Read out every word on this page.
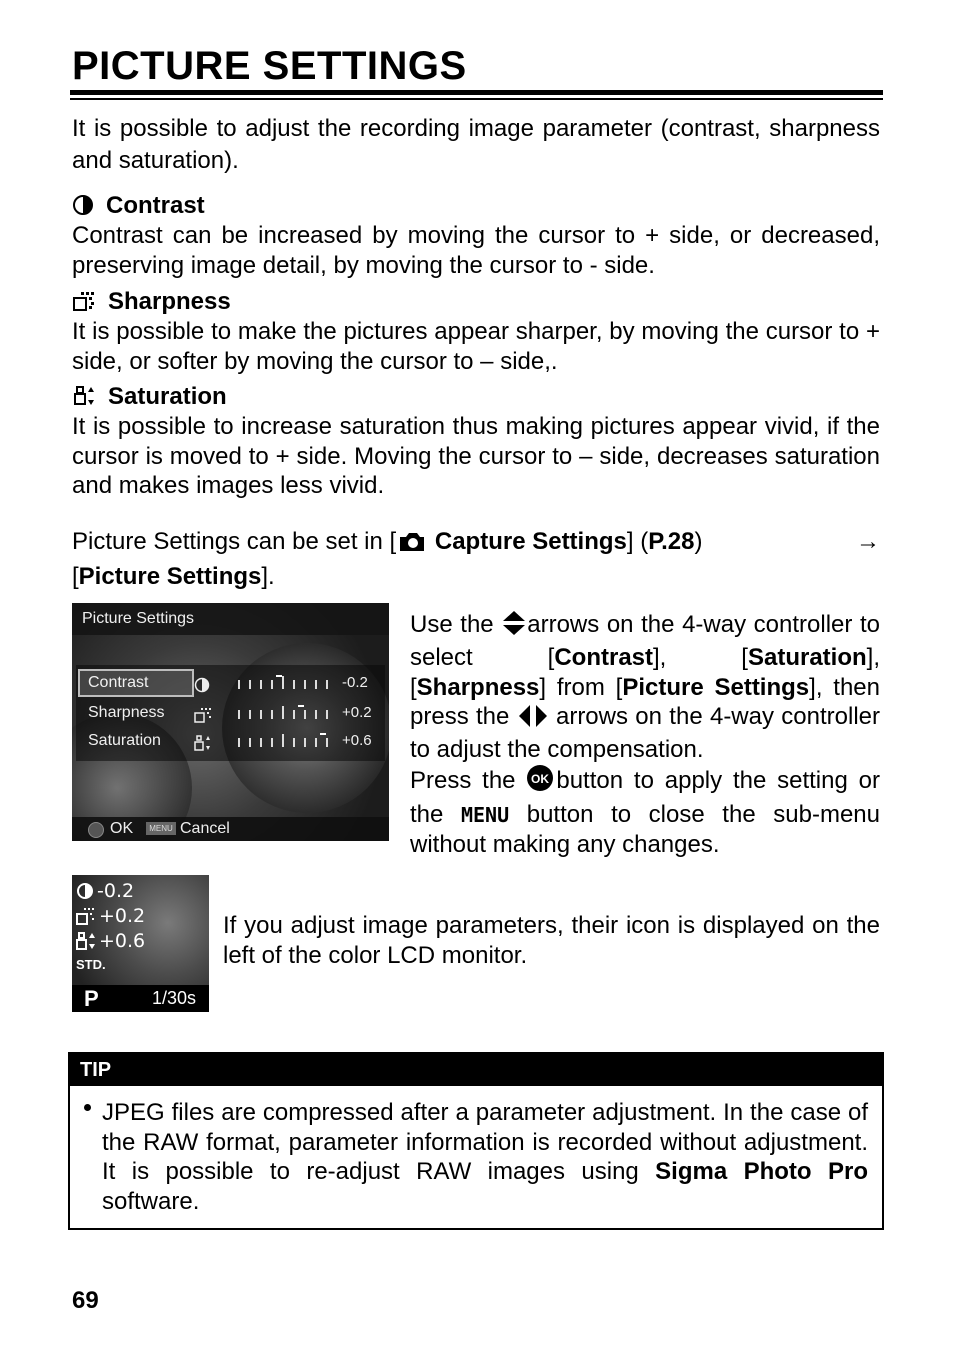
PICTURE SETTINGS
It is possible to adjust the recording image parameter (contrast, sharpness and saturation).
Contrast
Contrast can be increased by moving the cursor to + side, or decreased, preserving image detail, by moving the cursor to - side.
Sharpness
It is possible to make the pictures appear sharper, by moving the cursor to + side, or softer by moving the cursor to – side,.
Saturation
It is possible to increase saturation thus making pictures appear vivid, if the cursor is moved to + side. Moving the cursor to – side, decreases saturation and makes images less vivid.
Picture Settings can be set in [ Capture Settings] (P.28)	→

[Picture Settings].
Picture Settings
Contrast	-0.2
Sharpness	+0.2
Saturation	+0.6
OK	MENU Cancel
Use the arrows on the 4-way controller to select [Contrast], [Saturation], [Sharpness] from [Picture Settings], then press the  arrows on the 4-way controller to adjust the compensation.
Press the OK button to apply the setting or the MENU button to close the sub-menu without making any changes.
-0.2
+0.2
+0.6
STD.
P	1/30s
If you adjust image parameters, their icon is displayed on the left of the color LCD monitor.
TIP
JPEG files are compressed after a parameter adjustment. In the case of the RAW format, parameter information is recorded without adjustment. It is possible to re-adjust RAW images using Sigma Photo Pro software.
69
